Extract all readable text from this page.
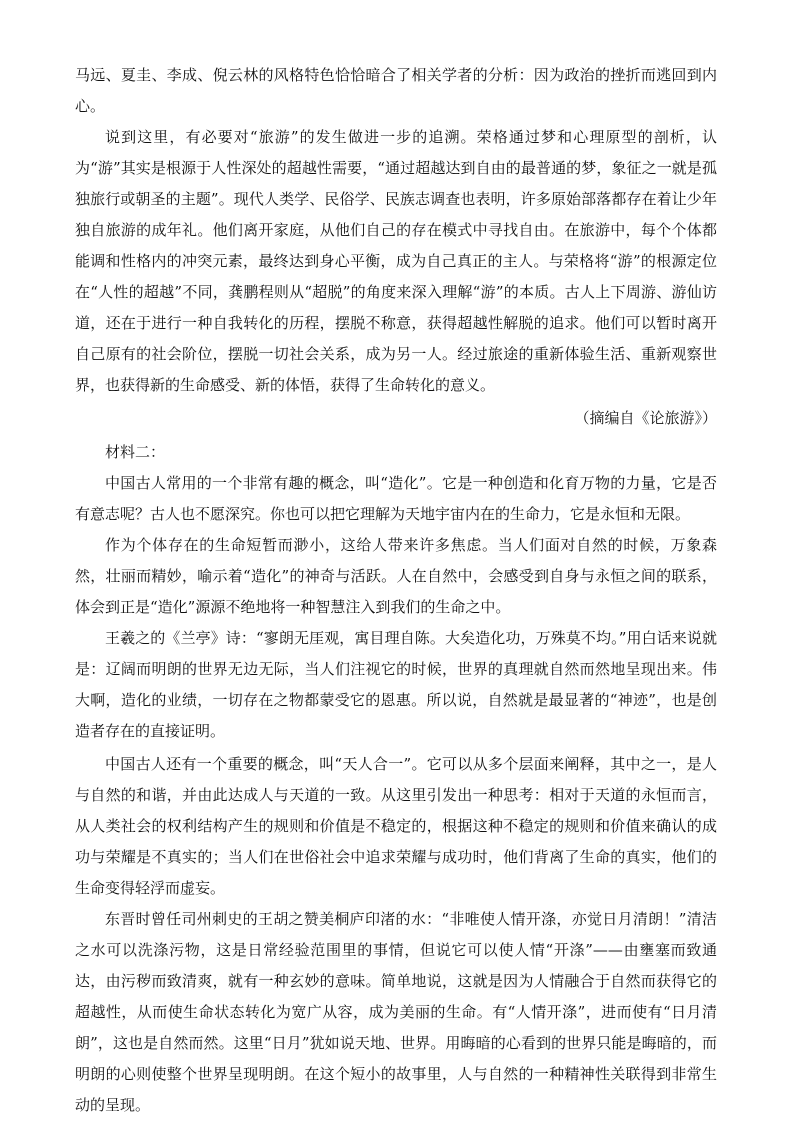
马远、夏圭、李成、倪云林的风格特色恰恰暗合了相关学者的分析：因为政治的挫折而逃回到内心。

说到这里，有必要对“旅游”的发生做进一步的追溯。荣格通过梦和心理原型的剖析，认为“游”其实是根源于人性深处的超越性需要，“通过超越达到自由的最普通的梦，象征之一就是孤独旅行或朝圣的主题”。现代人类学、民俗学、民族志调查也表明，许多原始部落都存在着让少年独自旅游的成年礼。他们离开家庭，从他们自己的存在模式中寻找自由。在旅游中，每个个体都能调和性格内的冲突元素，最终达到身心平衡，成为自己真正的主人。与荣格将“游”的根源定位在“人性的超越”不同，龚鹏程则从“超脱”的角度来深入理解“游”的本质。古人上下周游、游仙访道，还在于进行一种自我转化的历程，摆脱不称意，获得超越性解脱的追求。他们可以暂时离开自己原有的社会阶位，摆脱一切社会关系，成为另一人。经过旅途的重新体验生活、重新观察世界，也获得新的生命感受、新的体悟，获得了生命转化的意义。

（摘编自《论旅游》）

材料二：

中国古人常用的一个非常有趣的概念，叫“造化”。它是一种创造和化育万物的力量，它是否有意志呢？古人也不愿深究。你也可以把它理解为天地宇宙内在的生命力，它是永恒和无限。

作为个体存在的生命短暂而渺小，这给人带来许多焦虑。当人们面对自然的时候，万象森然，壮丽而精妙，喻示着“造化”的神奇与活跃。人在自然中，会感受到自身与永恒之间的联系，体会到正是“造化”源源不绝地将一种智慧注入到我们的生命之中。

王羲之的《兰亭》诗：“寥朗无厓观，寓目理自陈。大矣造化功，万殊莫不均。”用白话来说就是：辽阔而明朗的世界无边无际，当人们注视它的时候，世界的真理就自然而然地呈现出来。伟大啊，造化的业绩，一切存在之物都蒙受它的恩惠。所以说，自然就是最显著的“神迹”，也是创造者存在的直接证明。

中国古人还有一个重要的概念，叫“天人合一”。它可以从多个层面来阐释，其中之一，是人与自然的和谐，并由此达成人与天道的一致。从这里引发出一种思考：相对于天道的永恒而言，从人类社会的权利结构产生的规则和价值是不稳定的，根据这种不稳定的规则和价值来确认的成功与荣耀是不真实的；当人们在世俗社会中追求荣耀与成功时，他们背离了生命的真实，他们的生命变得轻浮而虚妄。

东晋时曾任司州刺史的王胡之赞美桐庐印渚的水：“非唯使人情开涤，亦觉日月清朗！”清洁之水可以洗涤污物，这是日常经验范围里的事情，但说它可以使人情“开涤”——由壅塞而致通达，由污秽而致清爽，就有一种玄妙的意味。简单地说，这就是因为人情融合于自然而获得它的超越性，从而使生命状态转化为宽广从容，成为美丽的生命。有“人情开涤”，进而使有“日月清朗”，这也是自然而然。这里“日月”犹如说天地、世界。用晦暗的心看到的世界只能是晦暗的，而明朗的心则使整个世界呈现明朗。在这个短小的故事里，人与自然的一种精神性关联得到非常生动的呈现。
